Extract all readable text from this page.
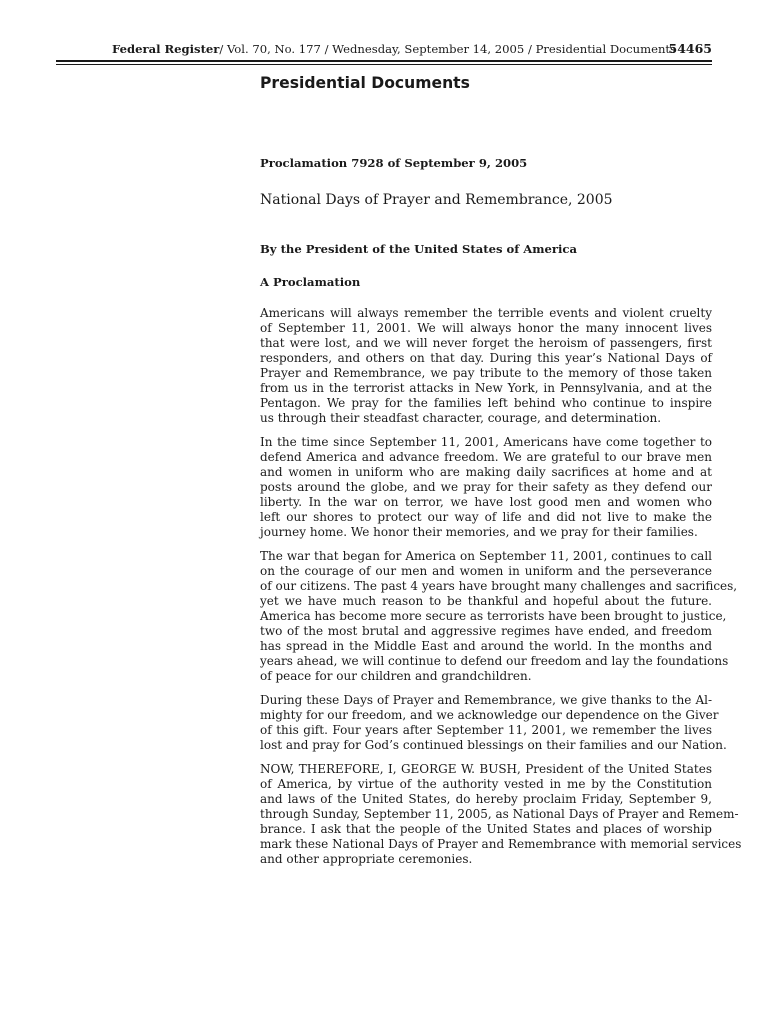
Federal Register/ Vol. 70, No. 177 / Wednesday, September 14, 2005 / Presidential Documents
54465
Presidential Documents
Proclamation 7928 of September 9, 2005
National Days of Prayer and Remembrance, 2005
By the President of the United States of America
A Proclamation
Americans will always remember the terrible events and violent cruelty
of September 11, 2001. We will always honor the many innocent lives
that were lost, and we will never forget the heroism of passengers, first
responders, and others on that day. During this year’s National Days of
Prayer and Remembrance, we pay tribute to the memory of those taken
from us in the terrorist attacks in New York, in Pennsylvania, and at the
Pentagon. We pray for the families left behind who continue to inspire
us through their steadfast character, courage, and determination.
In the time since September 11, 2001, Americans have come together to
defend America and advance freedom. We are grateful to our brave men
and women in uniform who are making daily sacrifices at home and at
posts around the globe, and we pray for their safety as they defend our
liberty. In the war on terror, we have lost good men and women who
left our shores to protect our way of life and did not live to make the
journey home. We honor their memories, and we pray for their families.
The war that began for America on September 11, 2001, continues to call
on the courage of our men and women in uniform and the perseverance
of our citizens. The past 4 years have brought many challenges and sacrifices,
yet we have much reason to be thankful and hopeful about the future.
America has become more secure as terrorists have been brought to justice,
two of the most brutal and aggressive regimes have ended, and freedom
has spread in the Middle East and around the world. In the months and
years ahead, we will continue to defend our freedom and lay the foundations
of peace for our children and grandchildren.
During these Days of Prayer and Remembrance, we give thanks to the Al-
mighty for our freedom, and we acknowledge our dependence on the Giver
of this gift. Four years after September 11, 2001, we remember the lives
lost and pray for God’s continued blessings on their families and our Nation.
NOW, THEREFORE, I, GEORGE W. BUSH, President of the United States
of America, by virtue of the authority vested in me by the Constitution
and laws of the United States, do hereby proclaim Friday, September 9,
through Sunday, September 11, 2005, as National Days of Prayer and Remem-
brance. I ask that the people of the United States and places of worship
mark these National Days of Prayer and Remembrance with memorial services
and other appropriate ceremonies.
